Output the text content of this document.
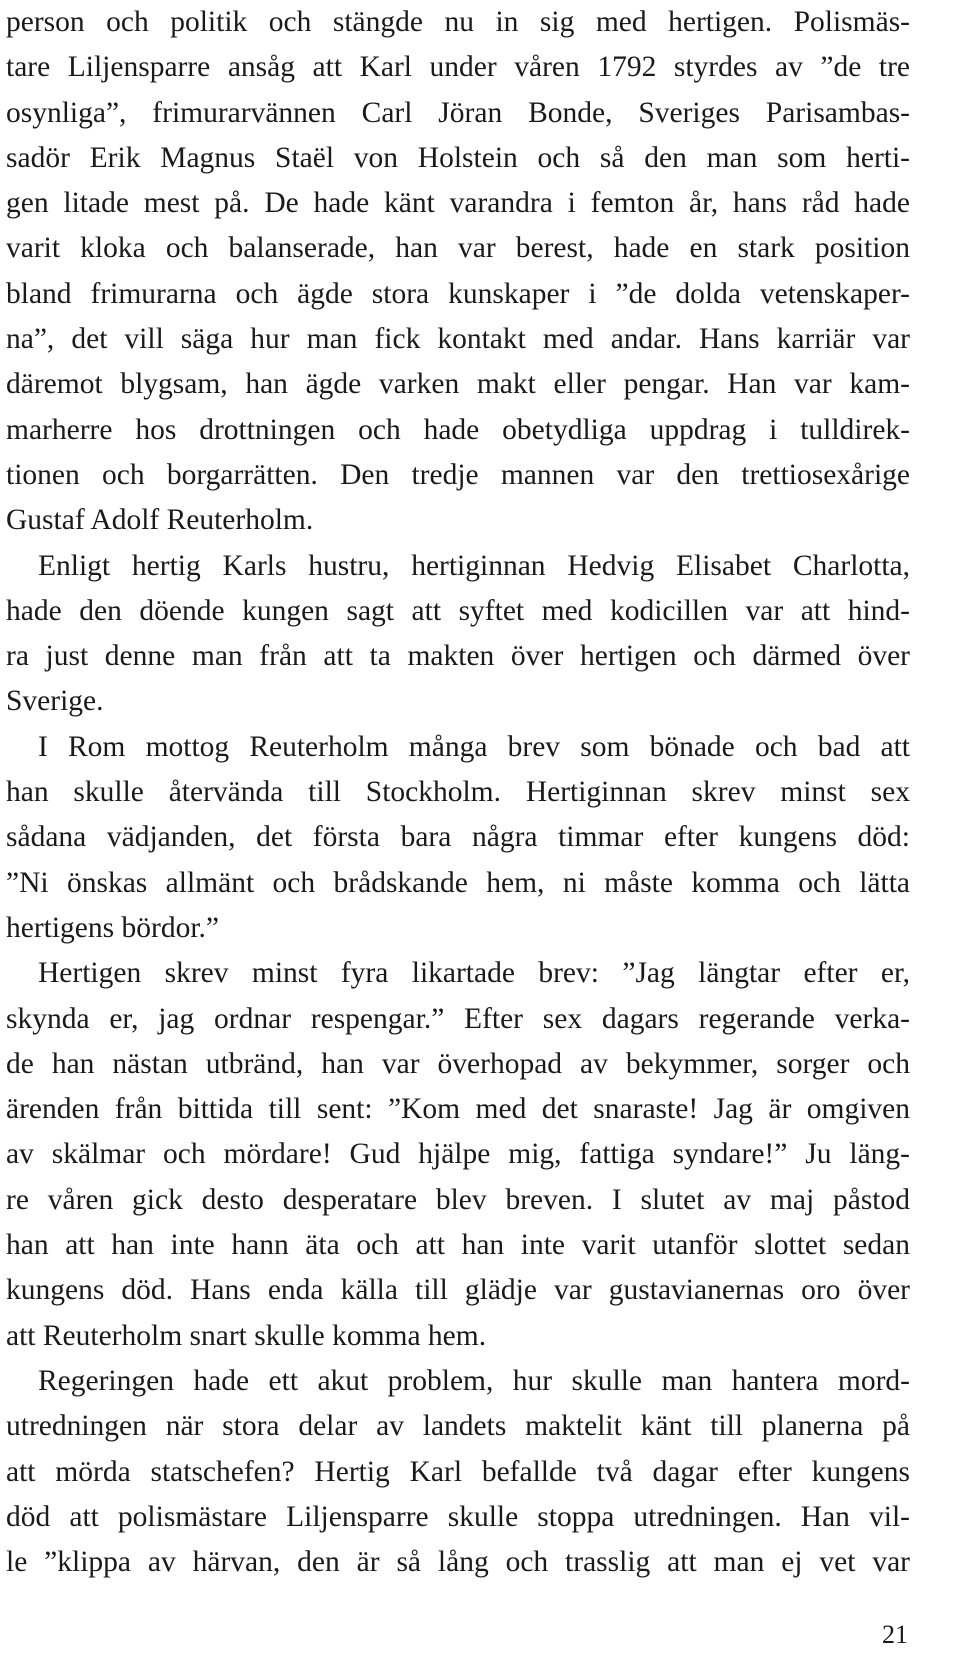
person och politik och stängde nu in sig med hertigen. Polismäs-
tare Liljensparre ansåg att Karl under våren 1792 styrdes av ”de tre
osynliga”, frimurarvännen Carl Jöran Bonde, Sveriges Parisambas-
sadör Erik Magnus Staël von Holstein och så den man som herti-
gen litade mest på. De hade känt varandra i femton år, hans råd hade
varit kloka och balanserade, han var berest, hade en stark position
bland frimurarna och ägde stora kunskaper i ”de dolda vetenskaper-
na”, det vill säga hur man fick kontakt med andar. Hans karriär var
däremot blygsam, han ägde varken makt eller pengar. Han var kam-
marherre hos drottningen och hade obetydliga uppdrag i tulldirek-
tionen och borgarrätten. Den tredje mannen var den trettiosexårige
Gustaf Adolf Reuterholm.
Enligt hertig Karls hustru, hertiginnan Hedvig Elisabet Charlotta,
hade den döende kungen sagt att syftet med kodicillen var att hind-
ra just denne man från att ta makten över hertigen och därmed över
Sverige.
I Rom mottog Reuterholm många brev som bönade och bad att
han skulle återvända till Stockholm. Hertiginnan skrev minst sex
sådana vädjanden, det första bara några timmar efter kungens död:
”Ni önskas allmänt och brådskande hem, ni måste komma och lätta
hertigens bördor.”
Hertigen skrev minst fyra likartade brev: ”Jag längtar efter er,
skynda er, jag ordnar respengar.” Efter sex dagars regerande verka-
de han nästan utbränd, han var överhopad av bekymmer, sorger och
ärenden från bittida till sent: ”Kom med det snaraste! Jag är omgiven
av skälmar och mördare! Gud hjälpe mig, fattiga syndare!” Ju läng-
re våren gick desto desperatare blev breven. I slutet av maj påstod
han att han inte hann äta och att han inte varit utanför slottet sedan
kungens död. Hans enda källa till glädje var gustavianernas oro över
att Reuterholm snart skulle komma hem.
Regeringen hade ett akut problem, hur skulle man hantera mord-
utredningen när stora delar av landets maktelit känt till planerna på
att mörda statschefen? Hertig Karl befallde två dagar efter kungens
död att polismästare Liljensparre skulle stoppa utredningen. Han vil-
le ”klippa av härvan, den är så lång och trasslig att man ej vet var
21
